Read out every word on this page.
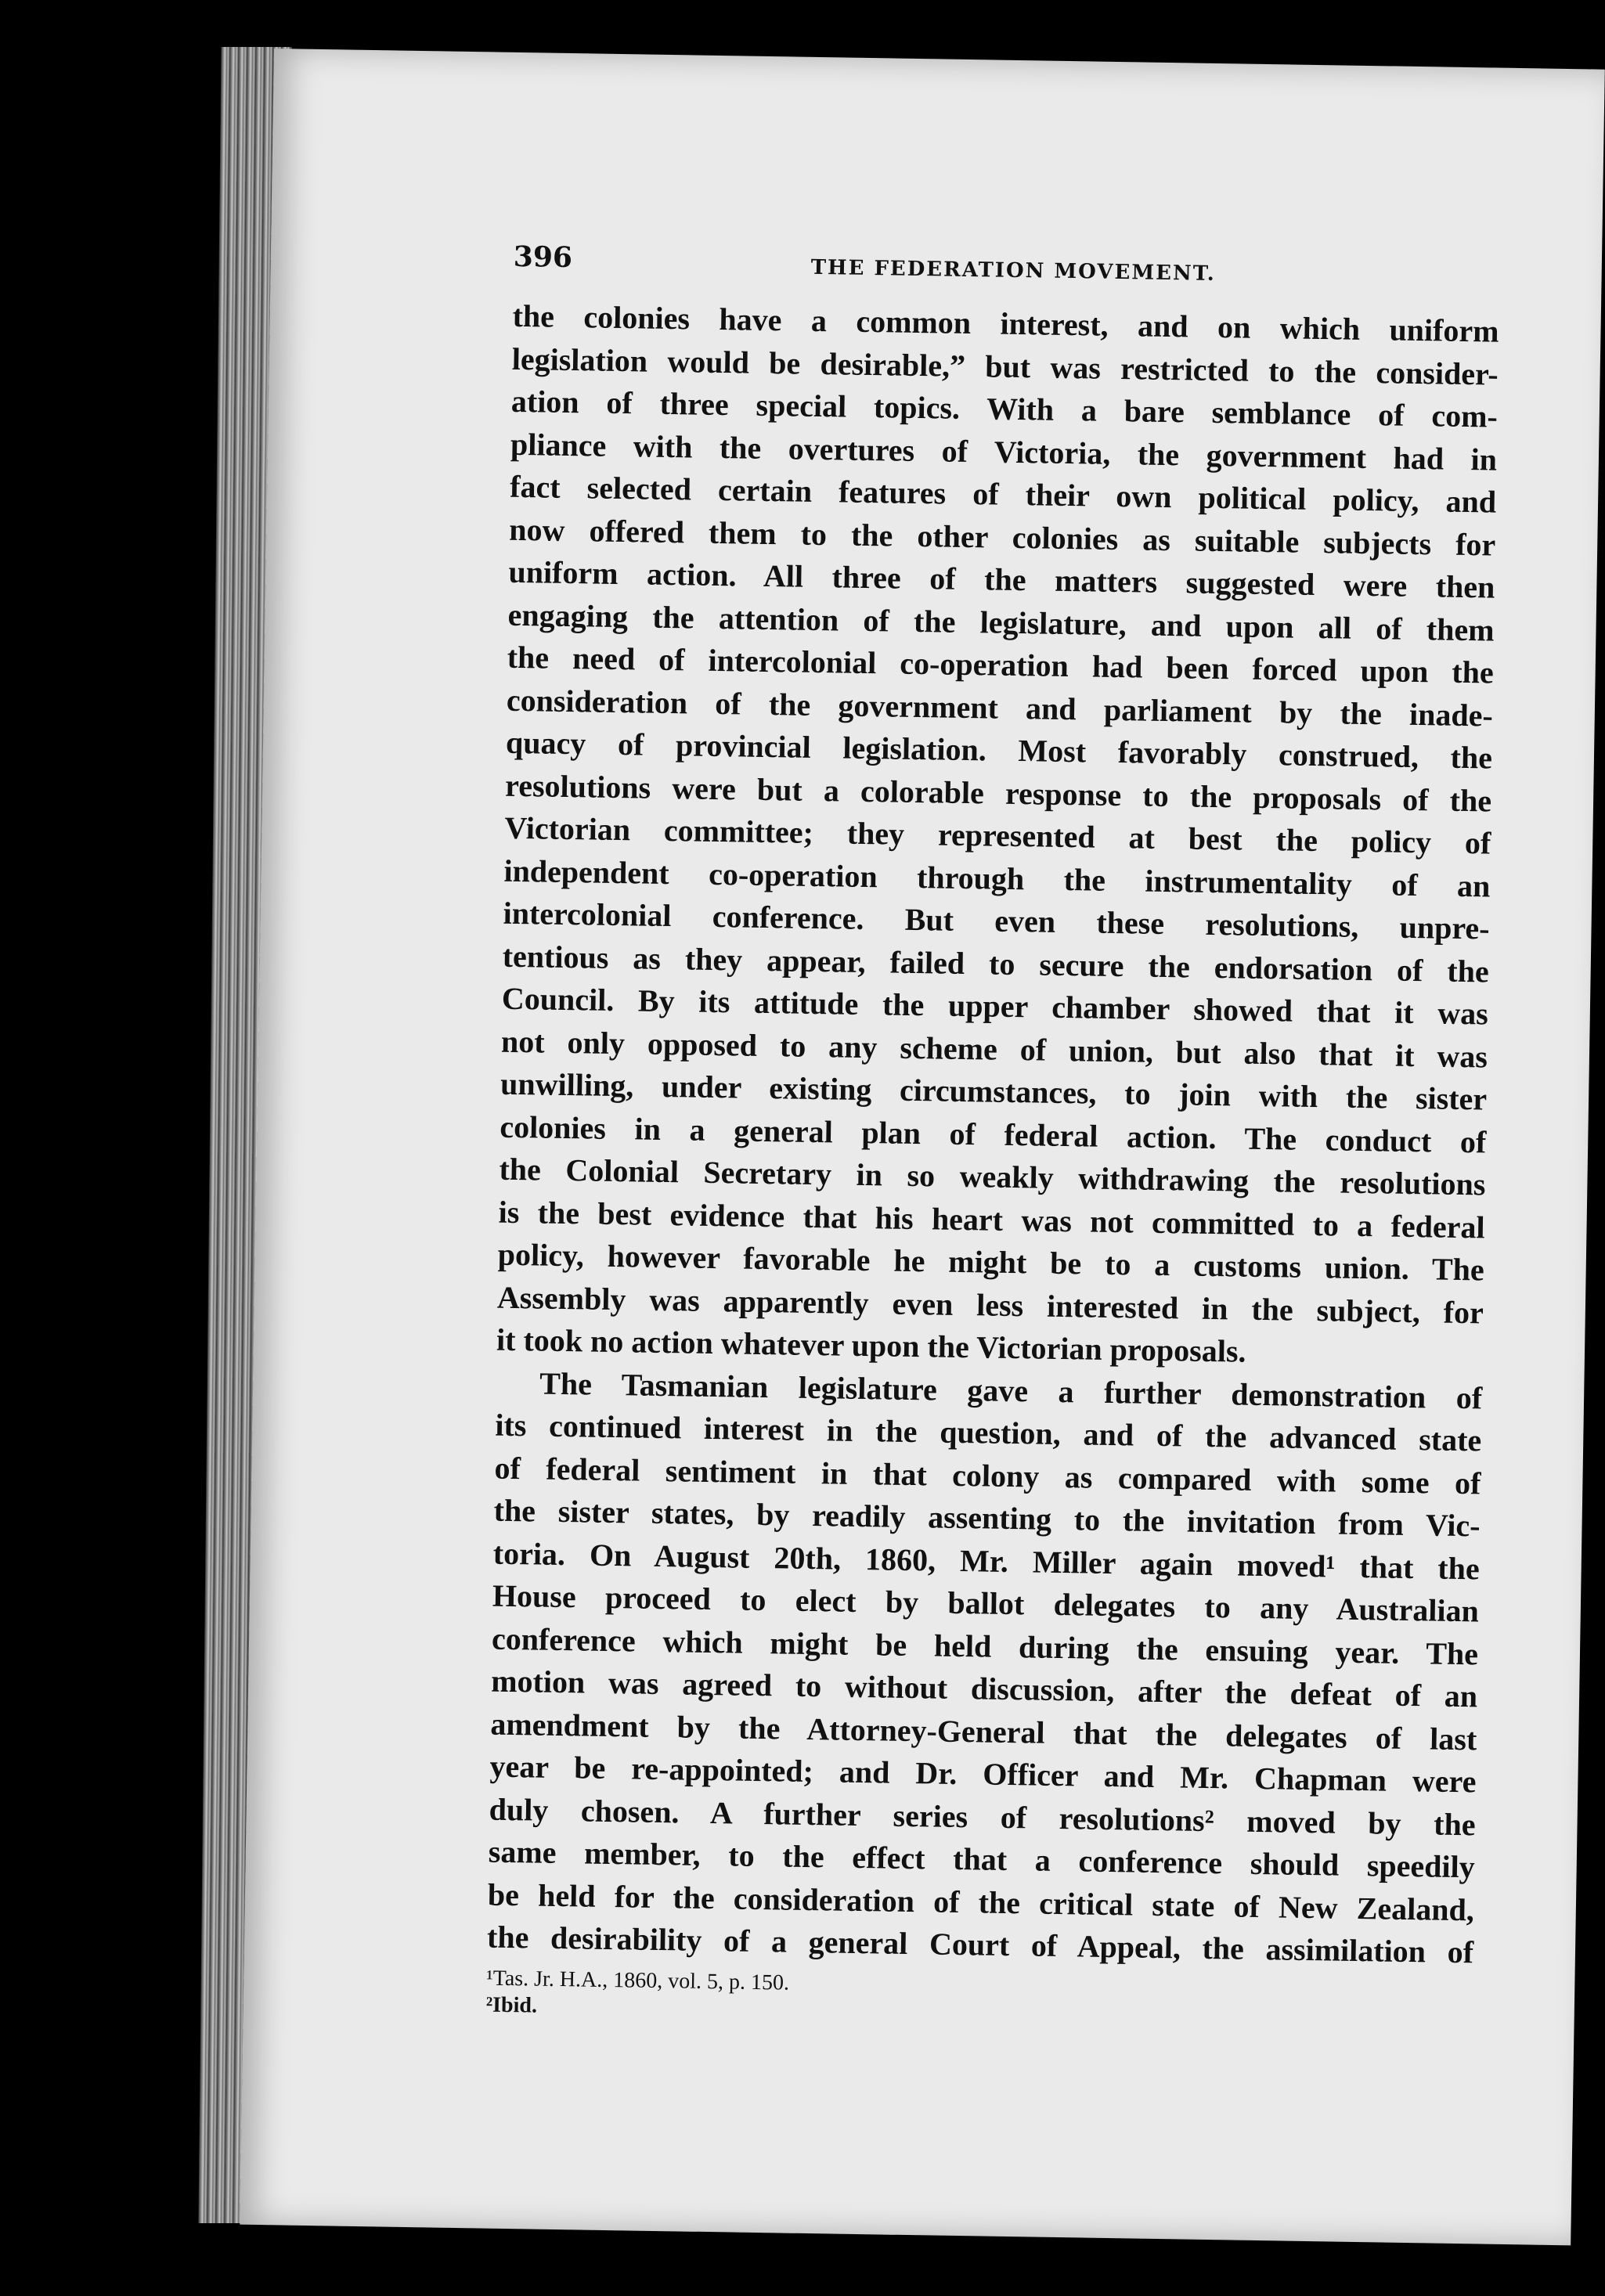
396	THE FEDERATION MOVEMENT.
the colonies have a common interest, and on which uniform
legislation would be desirable,” but was restricted to the consider-
ation of three special topics. With a bare semblance of com-
pliance with the overtures of Victoria, the government had in
fact selected certain features of their own political policy, and
now offered them to the other colonies as suitable subjects for
uniform action. All three of the matters suggested were then
engaging the attention of the legislature, and upon all of them
the need of intercolonial co-operation had been forced upon the
consideration of the government and parliament by the inade-
quacy of provincial legislation. Most favorably construed, the
resolutions were but a colorable response to the proposals of the
Victorian committee; they represented at best the policy of
independent co-operation through the instrumentality of an
intercolonial conference. But even these resolutions, unpre-
tentious as they appear, failed to secure the endorsation of the
Council. By its attitude the upper chamber showed that it was
not only opposed to any scheme of union, but also that it was
unwilling, under existing circumstances, to join with the sister
colonies in a general plan of federal action. The conduct of
the Colonial Secretary in so weakly withdrawing the resolutions
is the best evidence that his heart was not committed to a federal
policy, however favorable he might be to a customs union. The
Assembly was apparently even less interested in the subject, for
it took no action whatever upon the Victorian proposals.
The Tasmanian legislature gave a further demonstration of
its continued interest in the question, and of the advanced state
of federal sentiment in that colony as compared with some of
the sister states, by readily assenting to the invitation from Vic-
toria. On August 20th, 1860, Mr. Miller again moved¹ that the
House proceed to elect by ballot delegates to any Australian
conference which might be held during the ensuing year. The
motion was agreed to without discussion, after the defeat of an
amendment by the Attorney-General that the delegates of last
year be re-appointed; and Dr. Officer and Mr. Chapman were
duly chosen. A further series of resolutions² moved by the
same member, to the effect that a conference should speedily
be held for the consideration of the critical state of New Zealand,
the desirability of a general Court of Appeal, the assimilation of
¹Tas. Jr. H.A., 1860, vol. 5, p. 150.
²Ibid.
